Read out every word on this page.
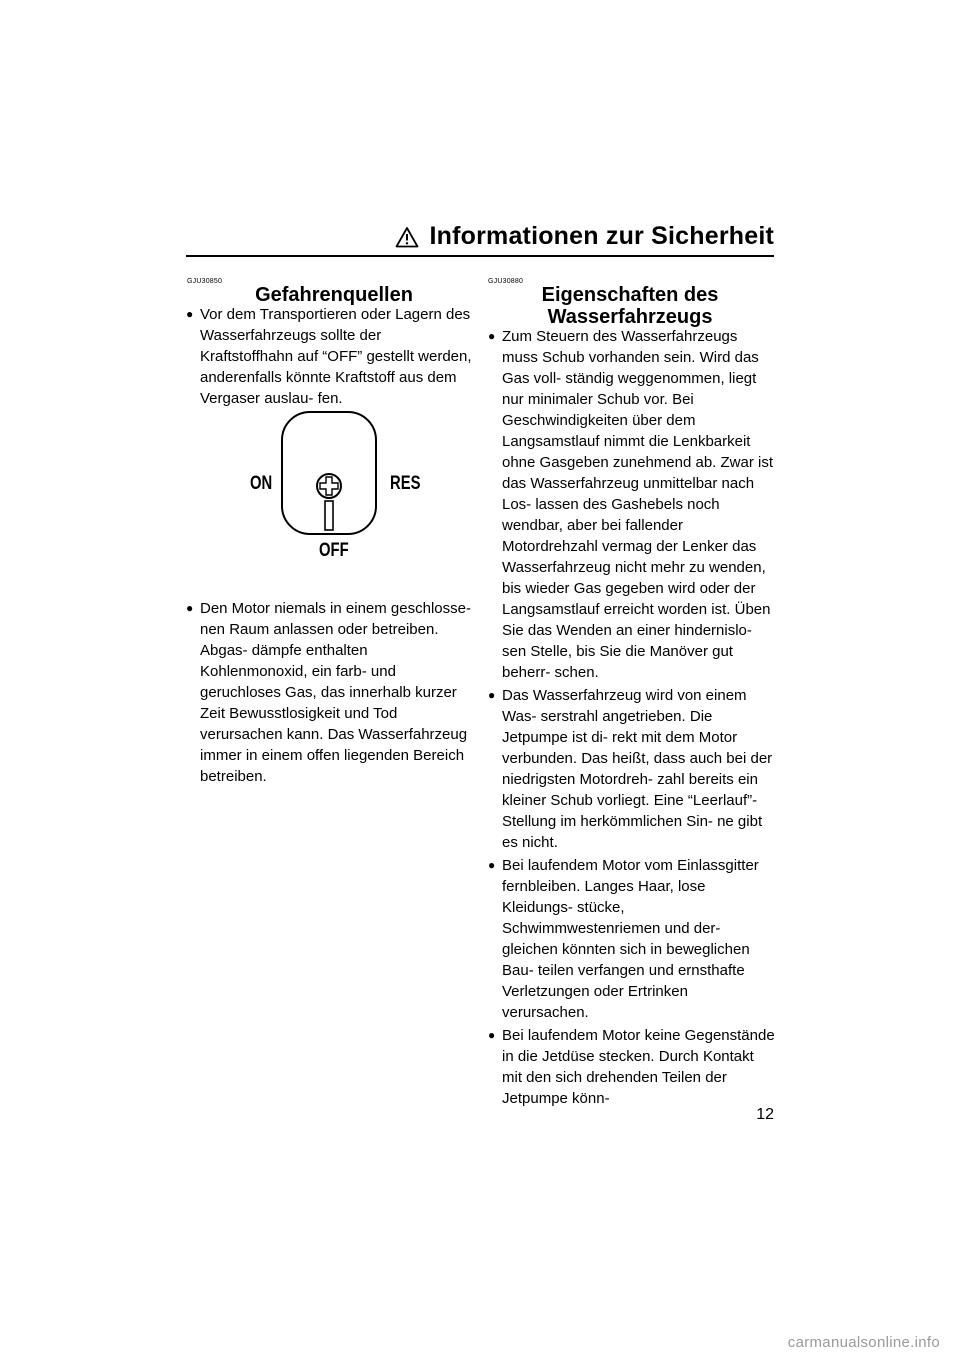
Informationen zur Sicherheit
GJU30850
Gefahrenquellen
● Vor dem Transportieren oder Lagern des Wasserfahrzeugs sollte der Kraftstoffhahn auf “OFF” gestellt werden, anderenfalls könnte Kraftstoff aus dem Vergaser auslau- fen.
ON	RES
OFF
● Den Motor niemals in einem geschlosse- nen Raum anlassen oder betreiben. Abgas- dämpfe enthalten Kohlenmonoxid, ein farb- und geruchloses Gas, das innerhalb kurzer Zeit Bewusstlosigkeit und Tod verursachen kann. Das Wasserfahrzeug immer in einem offen liegenden Bereich betreiben.
GJU30880
Eigenschaften des
Wasserfahrzeugs
● Zum Steuern des Wasserfahrzeugs muss Schub vorhanden sein. Wird das Gas voll- ständig weggenommen, liegt nur minimaler Schub vor. Bei Geschwindigkeiten über dem Langsamstlauf nimmt die Lenkbarkeit ohne Gasgeben zunehmend ab. Zwar ist das Wasserfahrzeug unmittelbar nach Los- lassen des Gashebels noch wendbar, aber bei fallender Motordrehzahl vermag der Lenker das Wasserfahrzeug nicht mehr zu wenden, bis wieder Gas gegeben wird oder der Langsamstlauf erreicht worden ist. Üben Sie das Wenden an einer hindernislo- sen Stelle, bis Sie die Manöver gut beherr- schen.
● Das Wasserfahrzeug wird von einem Was- serstrahl angetrieben. Die Jetpumpe ist di- rekt mit dem Motor verbunden. Das heißt, dass auch bei der niedrigsten Motordreh- zahl bereits ein kleiner Schub vorliegt. Eine “Leerlauf”-Stellung im herkömmlichen Sin- ne gibt es nicht.
● Bei laufendem Motor vom Einlassgitter fernbleiben. Langes Haar, lose Kleidungs- stücke, Schwimmwestenriemen und der- gleichen könnten sich in beweglichen Bau- teilen verfangen und ernsthafte Verletzungen oder Ertrinken verursachen.
● Bei laufendem Motor keine Gegenstände in die Jetdüse stecken. Durch Kontakt mit den sich drehenden Teilen der Jetpumpe könn-
12
carmanualsonline.info
